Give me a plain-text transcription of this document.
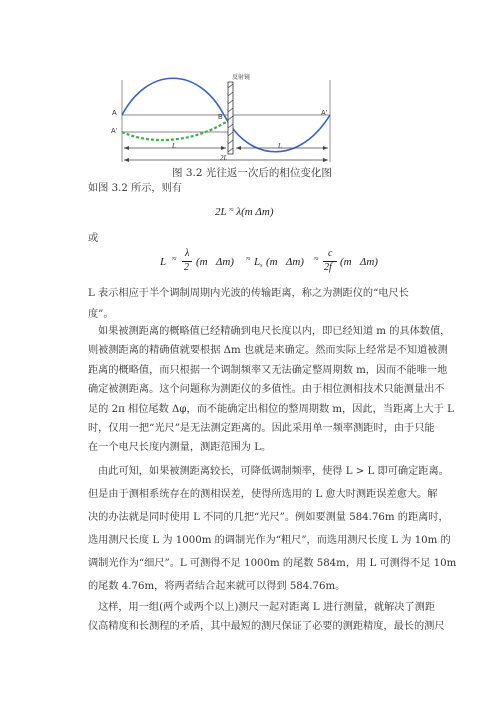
A
A'
B
A'
反射镜
L	L
2L
图 3.2 光往返一次后的相位变化图
如图 3.2 所示，则有
2L ≈ λ(m Δm)
或
L ≈ λ
2 (m   $\Delta m) \approx L_s$ (m   Δm) ≈ c
2f (m   Δm)

L 表示相应于半个调制周期内光波的传输距离，称之为测距仪的“电尺长

度”。

如果被测距离的概略值已经精确到电尺长度以内，即已经知道 m 的具体数值，

则被测距离的精确值就要根据 Δm 也就是来确定。然而实际上经常是不知道被测

距离的概略值，而只根据一个调制频率又无法确定整周期数 m，因而不能唯一地

确定被测距离。这个问题称为测距仪的多值性。由于相位测相技术只能测量出不

足的 2π 相位尾数 Δφ，而不能确定出相位的整周期数 m，因此，当距离上大于 L

时，仅用一把“光尺”是无法测定距离的。因此采用单一频率测距时，由于只能

在一个电尺长度内测量，测距范围为 L。

由此可知，如果被测距离较长，可降低调制频率，使得 L > L 即可确定距离。

但是由于测相系统存在的测相误差，使得所选用的 L 愈大时测距误差愈大。解

决的办法就是同时使用 L 不同的几把“光尺”。例如要测量 584.76m 的距离时，

选用测尺长度 L 为 1000m 的调制光作为“粗尺”，而选用测尺长度 L 为 10m 的

调制光作为“细尺”。L 可测得不足 1000m 的尾数 584m，用 L 可测得不足 10m

的尾数 4.76m，将两者结合起来就可以得到 584.76m。

这样，用一组(两个或两个以上)测尺一起对距离 L 进行测量，就解决了测距

仪高精度和长测程的矛盾，其中最短的测尺保证了必要的测距精度，最长的测尺
